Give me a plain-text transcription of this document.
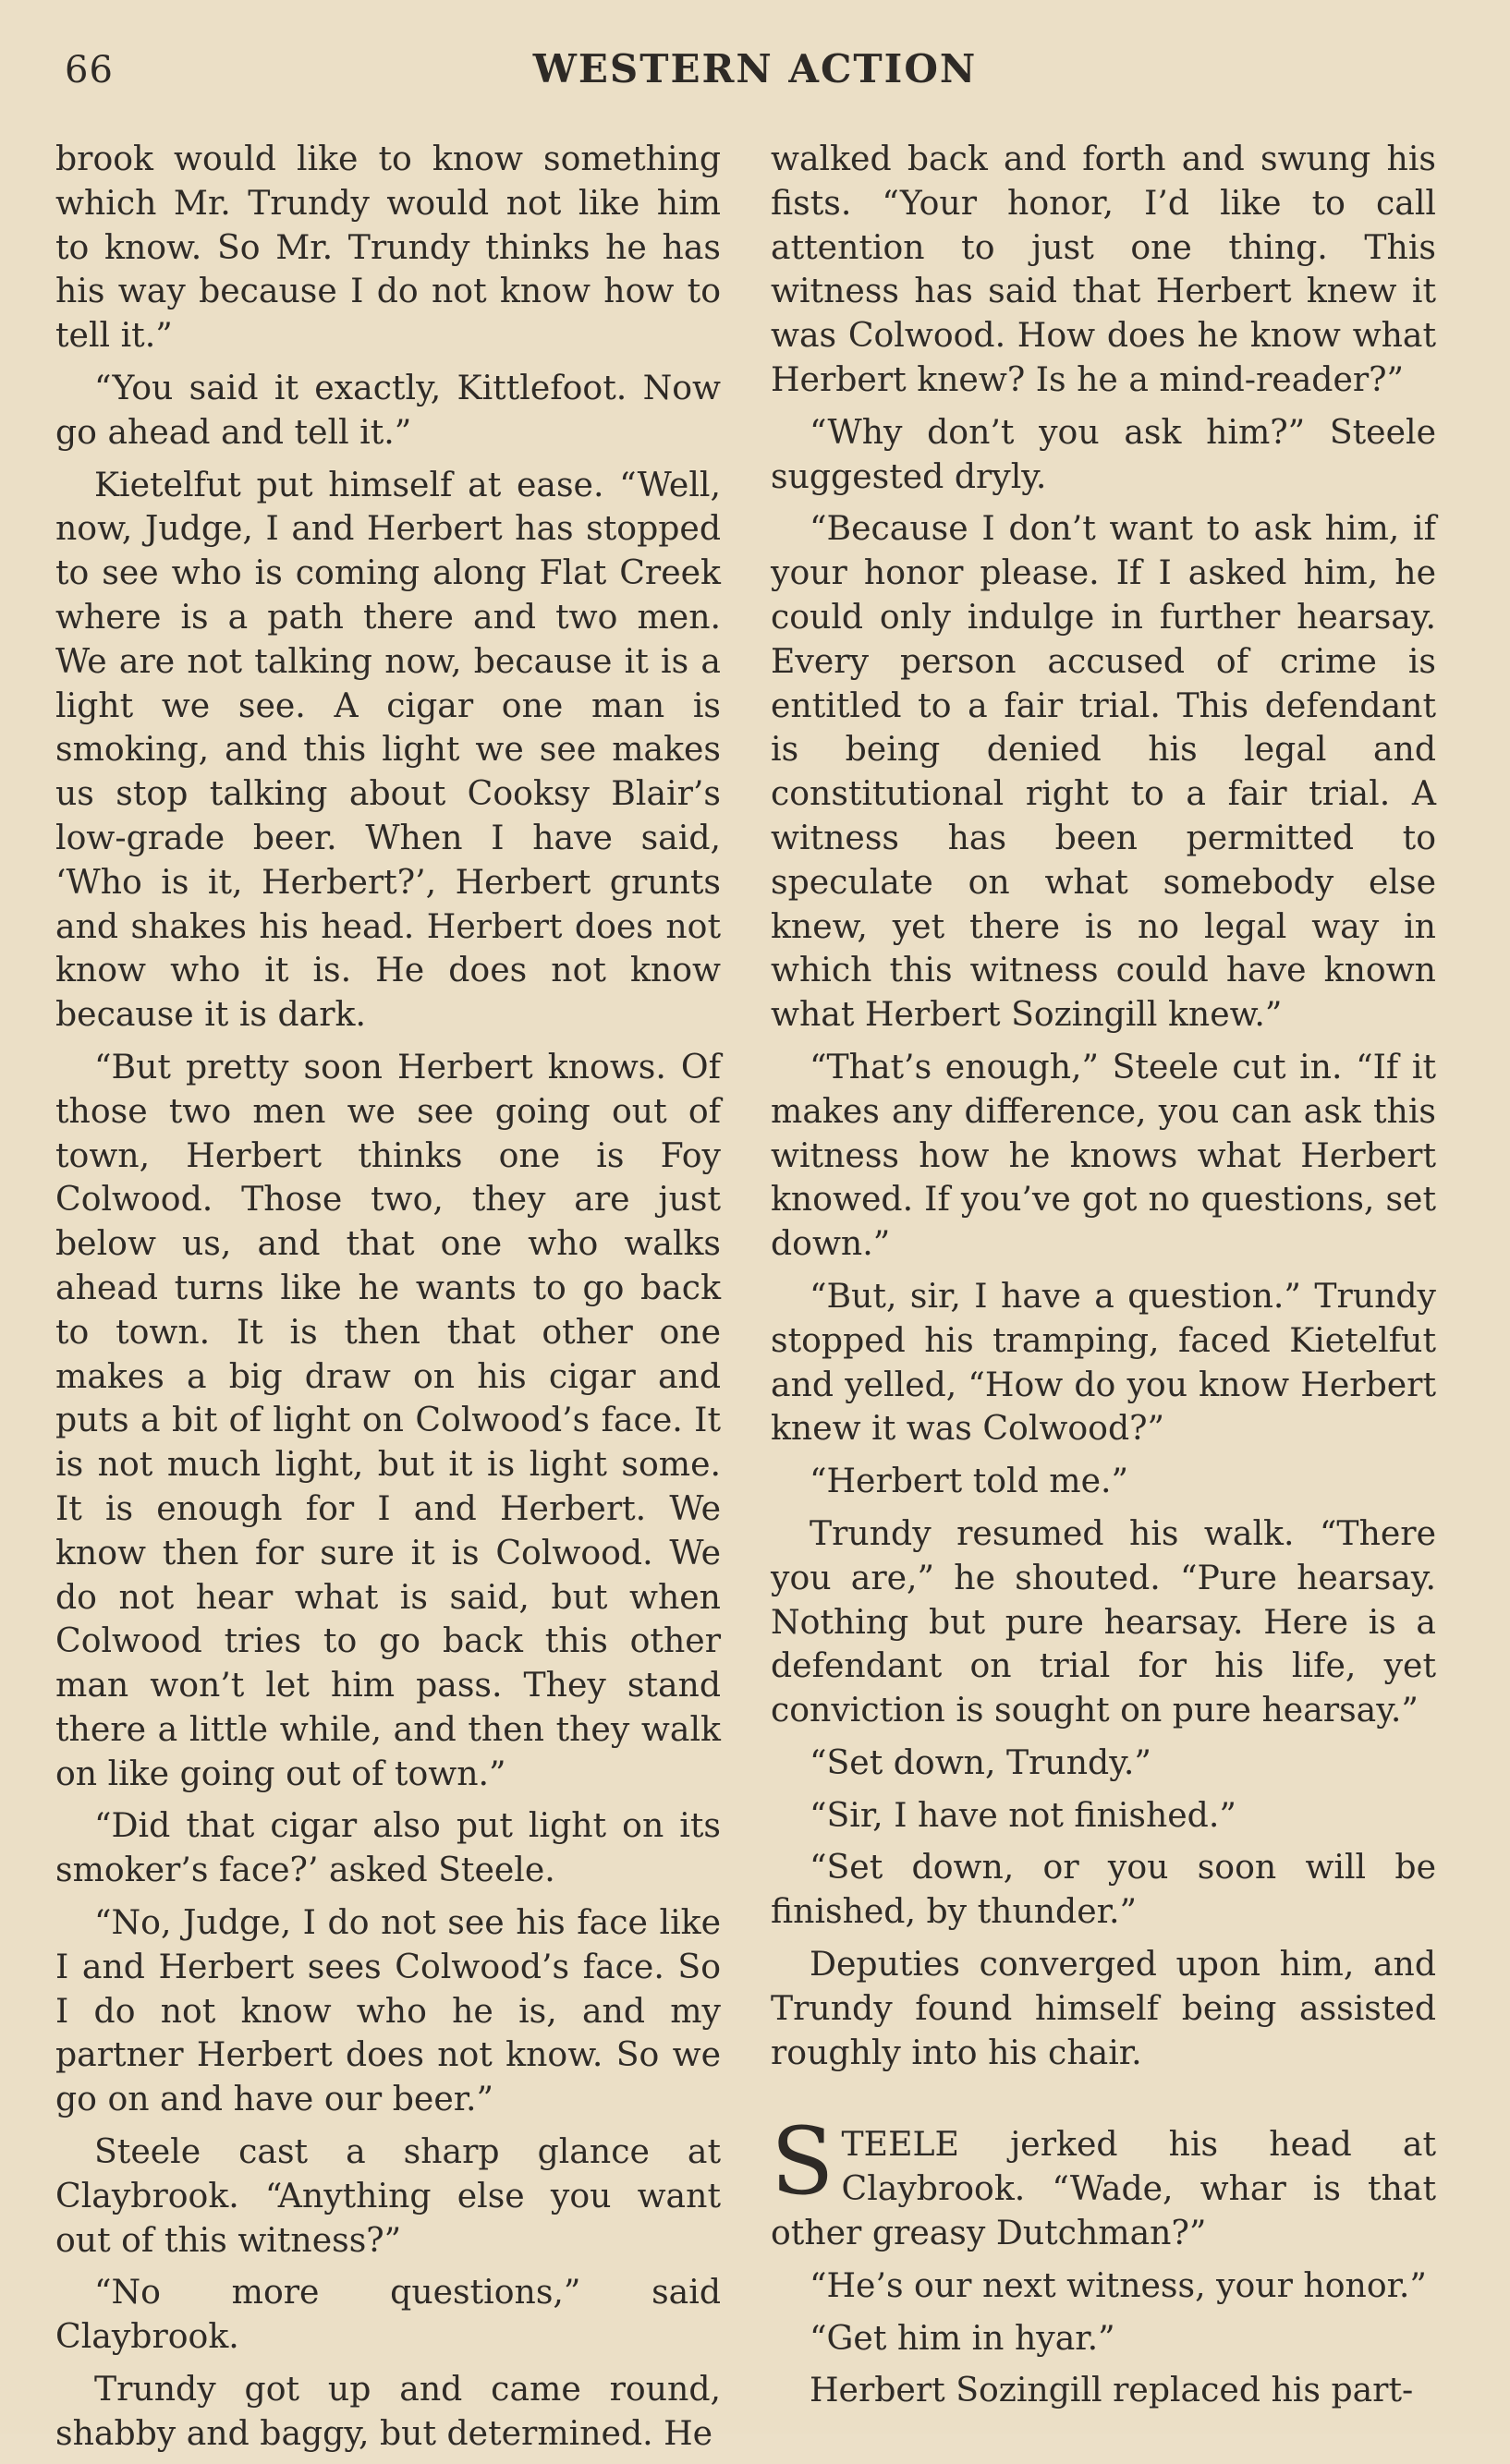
66	WESTERN ACTION

brook would like to know something which Mr. Trundy would not like him to know. So Mr. Trundy thinks he has his way because I do not know how to tell it.”

“You said it exactly, Kittlefoot. Now go ahead and tell it.”

Kietelfut put himself at ease. “Well, now, Judge, I and Herbert has stopped to see who is coming along Flat Creek where is a path there and two men. We are not talking now, because it is a light we see. A cigar one man is smoking, and this light we see makes us stop talking about Cooksy Blair’s low-grade beer. When I have said, ‘Who is it, Herbert?’, Herbert grunts and shakes his head. Herbert does not know who it is. He does not know because it is dark.

“But pretty soon Herbert knows. Of those two men we see going out of town, Herbert thinks one is Foy Colwood. Those two, they are just below us, and that one who walks ahead turns like he wants to go back to town. It is then that other one makes a big draw on his cigar and puts a bit of light on Colwood’s face. It is not much light, but it is light some. It is enough for I and Herbert. We know then for sure it is Colwood. We do not hear what is said, but when Colwood tries to go back this other man won’t let him pass. They stand there a little while, and then they walk on like going out of town.”

“Did that cigar also put light on its smoker’s face?’ asked Steele.

“No, Judge, I do not see his face like I and Herbert sees Colwood’s face. So I do not know who he is, and my partner Herbert does not know. So we go on and have our beer.”

Steele cast a sharp glance at Claybrook. “Anything else you want out of this witness?”

“No more questions,” said Claybrook.

Trundy got up and came round, shabby and baggy, but determined. He

walked back and forth and swung his fists. “Your honor, I’d like to call attention to just one thing. This witness has said that Herbert knew it was Colwood. How does he know what Herbert knew? Is he a mind-reader?”

“Why don’t you ask him?” Steele suggested dryly.

“Because I don’t want to ask him, if your honor please. If I asked him, he could only indulge in further hearsay. Every person accused of crime is entitled to a fair trial. This defendant is being denied his legal and constitutional right to a fair trial. A witness has been permitted to speculate on what somebody else knew, yet there is no legal way in which this witness could have known what Herbert Sozingill knew.”

“That’s enough,” Steele cut in. “If it makes any difference, you can ask this witness how he knows what Herbert knowed. If you’ve got no questions, set down.”

“But, sir, I have a question.” Trundy stopped his tramping, faced Kietelfut and yelled, “How do you know Herbert knew it was Colwood?”

“Herbert told me.”

Trundy resumed his walk. “There you are,” he shouted. “Pure hearsay. Nothing but pure hearsay. Here is a defendant on trial for his life, yet conviction is sought on pure hearsay.”

“Set down, Trundy.”

“Sir, I have not finished.”

“Set down, or you soon will be finished, by thunder.”

Deputies converged upon him, and Trundy found himself being assisted roughly into his chair.

STEELE jerked his head at Claybrook. “Wade, whar is that other greasy Dutchman?”

“He’s our next witness, your honor.”

“Get him in hyar.”

Herbert Sozingill replaced his part-
